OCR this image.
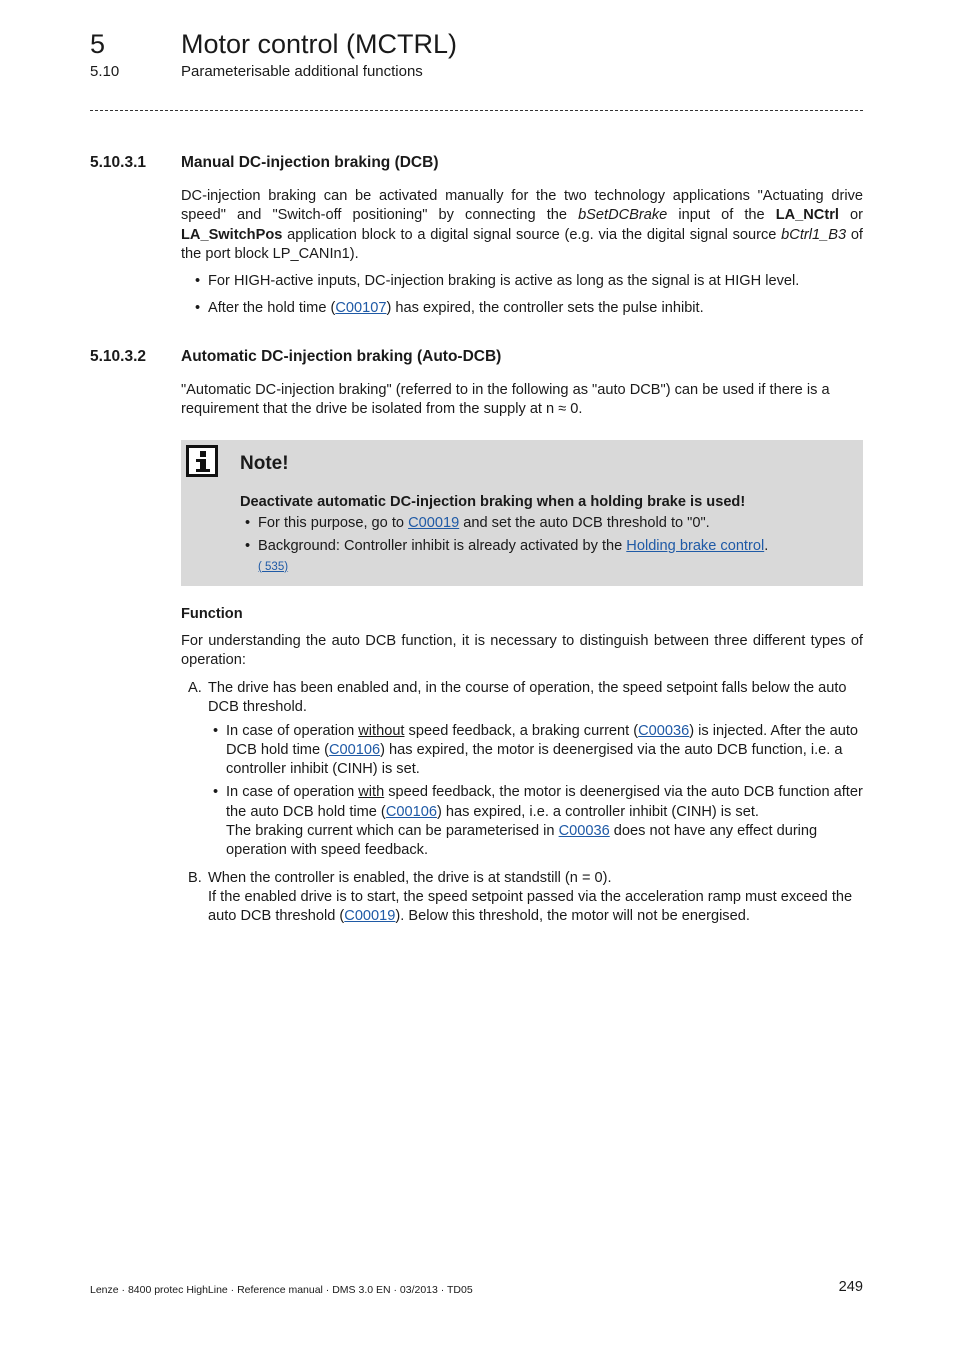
5	Motor control (MCTRL)
5.10	Parameterisable additional functions
5.10.3.1 Manual DC-injection braking (DCB)
DC-injection braking can be activated manually for the two technology applications "Actuating drive speed" and "Switch-off positioning" by connecting the bSetDCBrake input of the LA_NCtrl or LA_SwitchPos application block to a digital signal source (e.g. via the digital signal source bCtrl1_B3 of the port block LP_CANIn1).
• For HIGH-active inputs, DC-injection braking is active as long as the signal is at HIGH level.
• After the hold time (C00107) has expired, the controller sets the pulse inhibit.
5.10.3.2 Automatic DC-injection braking (Auto-DCB)
"Automatic DC-injection braking" (referred to in the following as "auto DCB") can be used if there is a requirement that the drive be isolated from the supply at n ≈ 0.
Note!
Deactivate automatic DC-injection braking when a holding brake is used!
• For this purpose, go to C00019 and set the auto DCB threshold to "0".
• Background: Controller inhibit is already activated by the Holding brake control.
( 535)
Function
For understanding the auto DCB function, it is necessary to distinguish between three different types of operation:
A. The drive has been enabled and, in the course of operation, the speed setpoint falls below the auto DCB threshold.
• In case of operation without speed feedback, a braking current (C00036) is injected. After the auto DCB hold time (C00106) has expired, the motor is deenergised via the auto DCB function, i.e. a controller inhibit (CINH) is set.
• In case of operation with speed feedback, the motor is deenergised via the auto DCB function after the auto DCB hold time (C00106) has expired, i.e. a controller inhibit (CINH) is set.
The braking current which can be parameterised in C00036 does not have any effect during operation with speed feedback.
B. When the controller is enabled, the drive is at standstill (n = 0).
If the enabled drive is to start, the speed setpoint passed via the acceleration ramp must exceed the auto DCB threshold (C00019). Below this threshold, the motor will not be energised.
Lenze · 8400 protec HighLine · Reference manual · DMS 3.0 EN · 03/2013 · TD05	249
